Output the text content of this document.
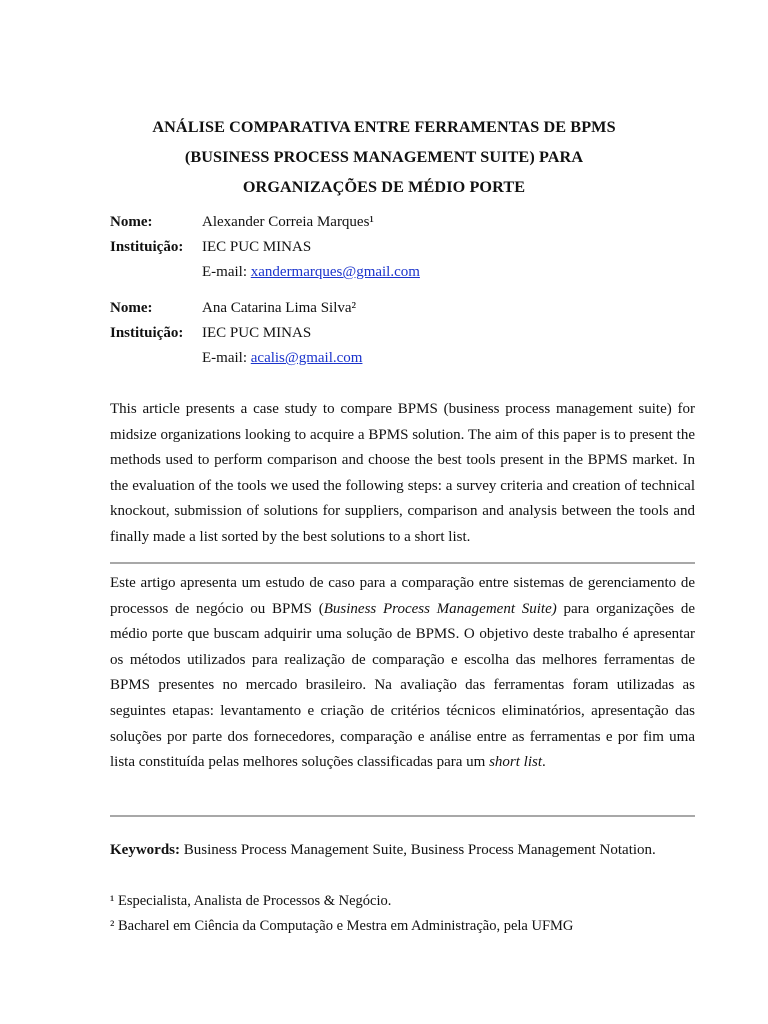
ANÁLISE COMPARATIVA ENTRE FERRAMENTAS DE BPMS
(BUSINESS PROCESS MANAGEMENT SUITE) PARA
ORGANIZAÇÕES DE MÉDIO PORTE
Nome:	Alexander Correia Marques¹
Instituição: IEC PUC MINAS
E-mail: xandermarques@gmail.com
Nome:	Ana Catarina Lima Silva²
Instituição: IEC PUC MINAS
E-mail: acalis@gmail.com

This article presents a case study to compare BPMS (business process management suite) for midsize organizations looking to acquire a BPMS solution. The aim of this paper is to present the methods used to perform comparison and choose the best tools present in the BPMS market. In the evaluation of the tools we used the following steps: a survey criteria and creation of technical knockout, submission of solutions for suppliers, comparison and analysis between the tools and finally made a list sorted by the best solutions to a short list.

Este artigo apresenta um estudo de caso para a comparação entre sistemas de gerenciamento de processos de negócio ou BPMS (Business Process Management Suite) para organizações de médio porte que buscam adquirir uma solução de BPMS. O objetivo deste trabalho é apresentar os métodos utilizados para realização de comparação e escolha das melhores ferramentas de BPMS presentes no mercado brasileiro. Na avaliação das ferramentas foram utilizadas as seguintes etapas: levantamento e criação de critérios técnicos eliminatórios, apresentação das soluções por parte dos fornecedores, comparação e análise entre as ferramentas e por fim uma lista constituída pelas melhores soluções classificadas para um short list.

Keywords: Business Process Management Suite, Business Process Management Notation.
¹ Especialista, Analista de Processos & Negócio.
² Bacharel em Ciência da Computação e Mestra em Administração, pela UFMG
